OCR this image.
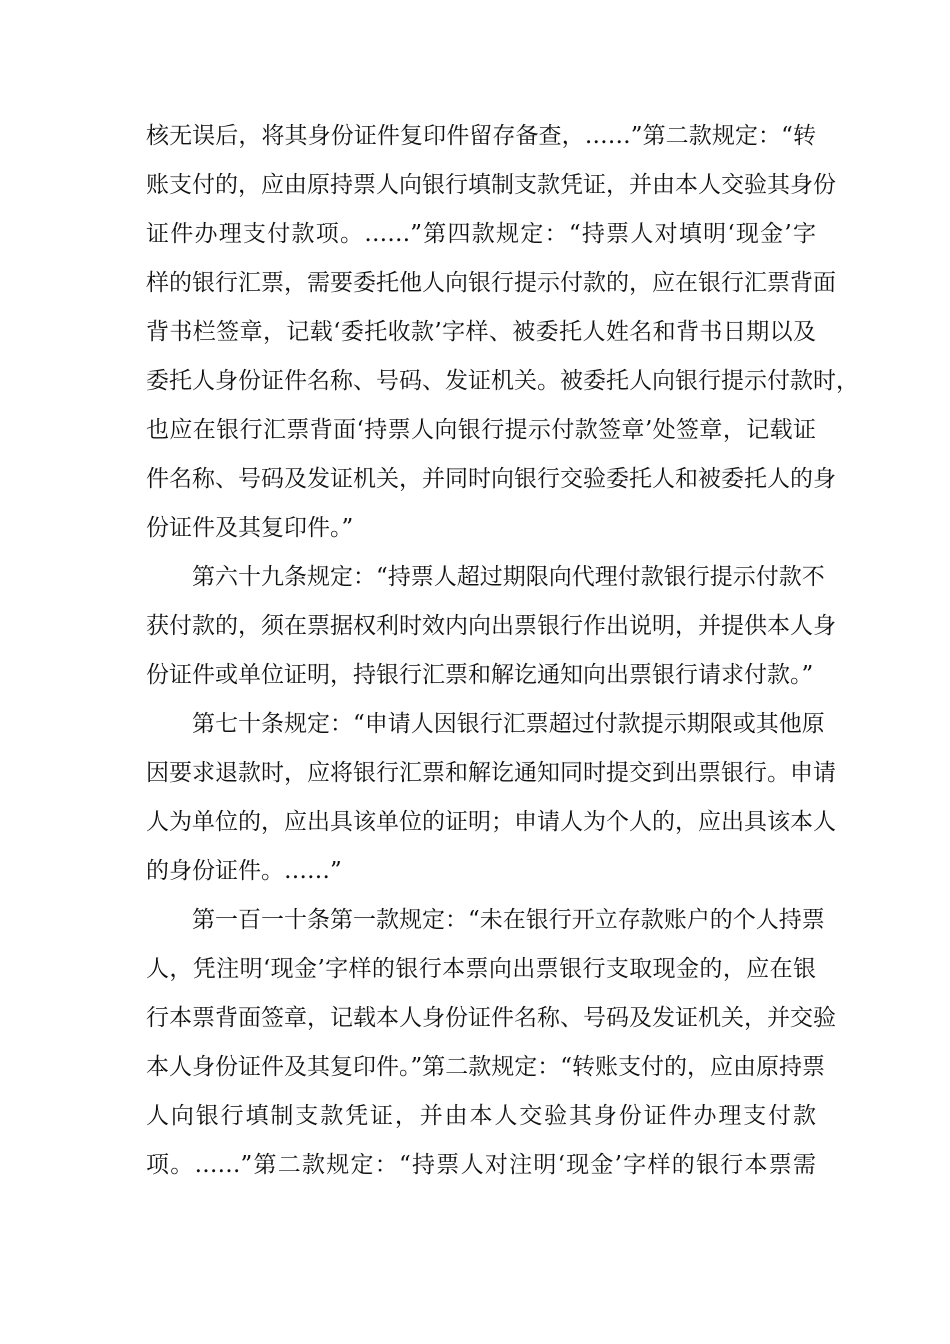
核无误后，将其身份证件复印件留存备查，……”第二款规定：“转
账支付的，应由原持票人向银行填制支款凭证，并由本人交验其身份
证件办理支付款项。……”第四款规定：“持票人对填明‘现金’字
样的银行汇票，需要委托他人向银行提示付款的，应在银行汇票背面
背书栏签章，记载‘委托收款’字样、被委托人姓名和背书日期以及
委托人身份证件名称、号码、发证机关。被委托人向银行提示付款时，
也应在银行汇票背面‘持票人向银行提示付款签章’处签章，记载证
件名称、号码及发证机关，并同时向银行交验委托人和被委托人的身
份证件及其复印件。”
第六十九条规定：“持票人超过期限向代理付款银行提示付款不
获付款的，须在票据权利时效内向出票银行作出说明，并提供本人身
份证件或单位证明，持银行汇票和解讫通知向出票银行请求付款。”
第七十条规定：“申请人因银行汇票超过付款提示期限或其他原
因要求退款时，应将银行汇票和解讫通知同时提交到出票银行。申请
人为单位的，应出具该单位的证明；申请人为个人的，应出具该本人
的身份证件。……”
第一百一十条第一款规定：“未在银行开立存款账户的个人持票
人，凭注明‘现金’字样的银行本票向出票银行支取现金的，应在银
行本票背面签章，记载本人身份证件名称、号码及发证机关，并交验
本人身份证件及其复印件。”第二款规定：“转账支付的，应由原持票
人向银行填制支款凭证，并由本人交验其身份证件办理支付款
项。……”第二款规定：“持票人对注明‘现金’字样的银行本票需
